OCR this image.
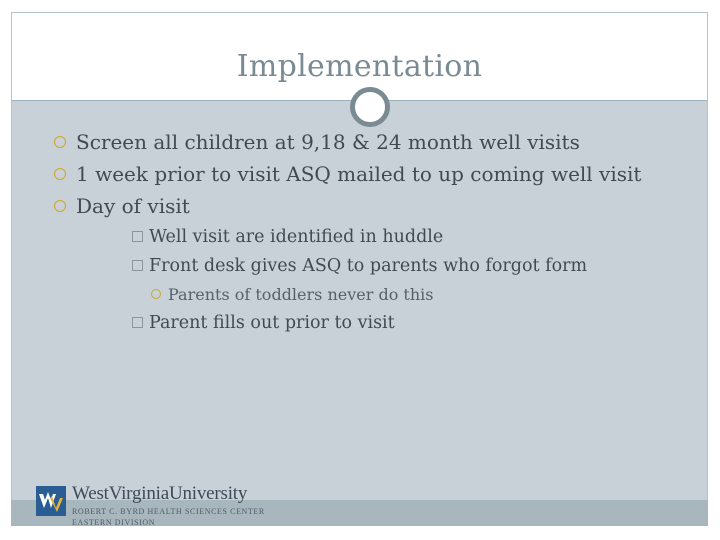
Implementation
Screen all children at 9,18 & 24 month well visits
1 week prior to visit ASQ mailed to up coming well visit
Day of visit
Well visit are identified in huddle
Front desk gives ASQ to parents who forgot form
Parents of toddlers never do this
Parent fills out prior to visit
WestVirginiaUniversity
ROBERT C. BYRD HEALTH SCIENCES CENTER
EASTERN DIVISION
